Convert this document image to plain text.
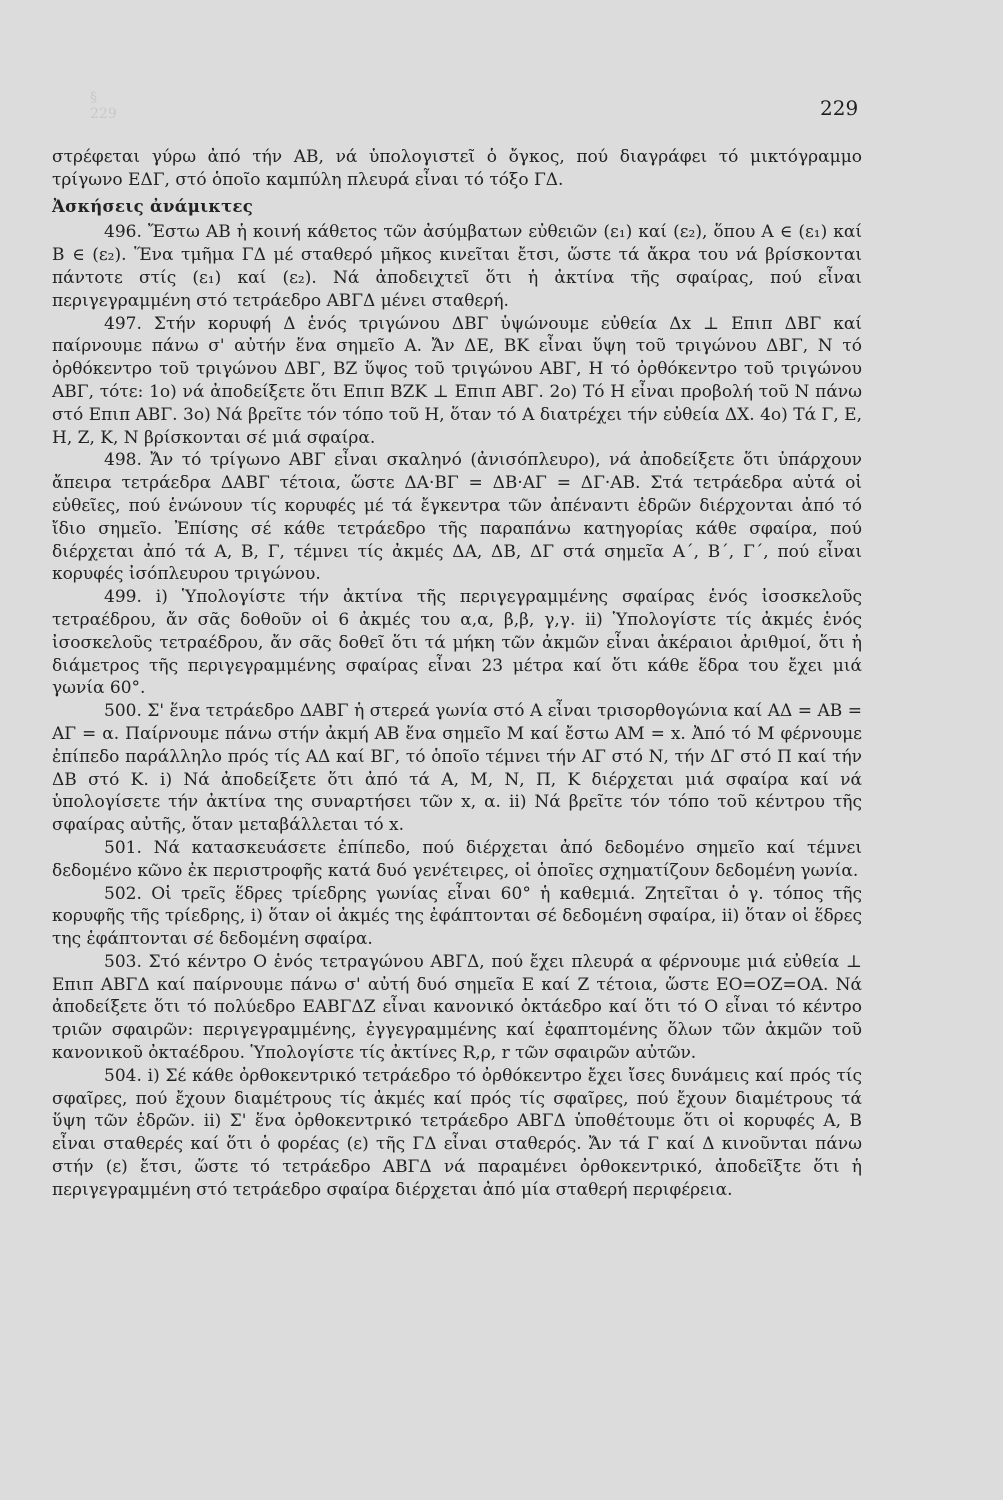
§ 229	229

στρέφεται γύρω ἀπό τήν ΑΒ, νά ὑπολογιστεῖ ὁ ὄγκος, πού διαγράφει τό μικτόγραμμο τρίγωνο ΕΔΓ, στό ὁποῖο καμπύλη πλευρά εἶναι τό τόξο ΓΔ.

Ἀσκήσεις ἀνάμικτες

496. Ἔστω ΑΒ ἡ κοινή κάθετος τῶν ἀσύμβατων εὐθειῶν (ε₁) καί (ε₂), ὅπου Α ∈ (ε₁) καί Β ∈ (ε₂). Ἕνα τμῆμα ΓΔ μέ σταθερό μῆκος κινεῖται ἔτσι, ὥστε τά ἄκρα του νά βρίσκονται πάντοτε στίς (ε₁) καί (ε₂). Νά ἀποδειχτεῖ ὅτι ἡ ἀκτίνα τῆς σφαίρας, πού εἶναι περιγεγραμμένη στό τετράεδρο ΑΒΓΔ μένει σταθερή.

497. Στήν κορυφή Δ ἑνός τριγώνου ΔΒΓ ὑψώνουμε εὐθεία Δx ⊥ Επιπ ΔΒΓ καί παίρνουμε πάνω σ' αὐτήν ἕνα σημεῖο Α. Ἄν ΔΕ, ΒΚ εἶναι ὕψη τοῦ τριγώνου ΔΒΓ, Ν τό ὀρθόκεντρο τοῦ τριγώνου ΔΒΓ, ΒΖ ὕψος τοῦ τριγώνου ΑΒΓ, Η τό ὀρθόκεντρο τοῦ τριγώνου ΑΒΓ, τότε: 1ο) νά ἀποδείξετε ὅτι Επιπ ΒΖΚ ⊥ Επιπ ΑΒΓ. 2ο) Τό Η εἶναι προβολή τοῦ Ν πάνω στό Επιπ ΑΒΓ. 3ο) Νά βρεῖτε τόν τόπο τοῦ Η, ὅταν τό Α διατρέχει τήν εὐθεία ΔΧ. 4ο) Τά Γ, Ε, Η, Ζ, Κ, Ν βρίσκονται σέ μιά σφαίρα.

498. Ἄν τό τρίγωνο ΑΒΓ εἶναι σκαληνό (ἀνισόπλευρο), νά ἀποδείξετε ὅτι ὑπάρχουν ἄπειρα τετράεδρα ΔΑΒΓ τέτοια, ὥστε ΔΑ·ΒΓ = ΔΒ·ΑΓ = ΔΓ·ΑΒ. Στά τετράεδρα αὐτά οἱ εὐθεῖες, πού ἑνώνουν τίς κορυφές μέ τά ἔγκεντρα τῶν ἀπέναντι ἑδρῶν διέρχονται ἀπό τό ἴδιο σημεῖο. Ἐπίσης σέ κάθε τετράεδρο τῆς παραπάνω κατηγορίας κάθε σφαίρα, πού διέρχεται ἀπό τά Α, Β, Γ, τέμνει τίς ἀκμές ΔΑ, ΔΒ, ΔΓ στά σημεῖα Α΄, Β΄, Γ΄, πού εἶναι κορυφές ἰσόπλευρου τριγώνου.

499. i) Ὑπολογίστε τήν ἀκτίνα τῆς περιγεγραμμένης σφαίρας ἑνός ἰσοσκελοῦς τετραέδρου, ἄν σᾶς δοθοῦν οἱ 6 ἀκμές του α,α, β,β, γ,γ. ii) Ὑπολογίστε τίς ἀκμές ἑνός ἰσοσκελοῦς τετραέδρου, ἄν σᾶς δοθεῖ ὅτι τά μήκη τῶν ἀκμῶν εἶναι ἀκέραιοι ἀριθμοί, ὅτι ἡ διάμετρος τῆς περιγεγραμμένης σφαίρας εἶναι 23 μέτρα καί ὅτι κάθε ἕδρα του ἔχει μιά γωνία 60°.

500. Σ' ἕνα τετράεδρο ΔΑΒΓ ἡ στερεά γωνία στό Α εἶναι τρισορθογώνια καί ΑΔ = ΑΒ = ΑΓ = α. Παίρνουμε πάνω στήν ἀκμή ΑΒ ἕνα σημεῖο Μ καί ἔστω ΑΜ = x. Ἀπό τό Μ φέρνουμε ἐπίπεδο παράλληλο πρός τίς ΑΔ καί ΒΓ, τό ὁποῖο τέμνει τήν ΑΓ στό Ν, τήν ΔΓ στό Π καί τήν ΔΒ στό Κ. i) Νά ἀποδείξετε ὅτι ἀπό τά Α, Μ, Ν, Π, Κ διέρχεται μιά σφαίρα καί νά ὑπολογίσετε τήν ἀκτίνα της συναρτήσει τῶν x, α. ii) Νά βρεῖτε τόν τόπο τοῦ κέντρου τῆς σφαίρας αὐτῆς, ὅταν μεταβάλλεται τό x.

501. Νά κατασκευάσετε ἐπίπεδο, πού διέρχεται ἀπό δεδομένο σημεῖο καί τέμνει δεδομένο κῶνο ἐκ περιστροφῆς κατά δυό γενέτειρες, οἱ ὁποῖες σχηματίζουν δεδομένη γωνία.

502. Οἱ τρεῖς ἕδρες τρίεδρης γωνίας εἶναι 60° ἡ καθεμιά. Ζητεῖται ὁ γ. τόπος τῆς κορυφῆς τῆς τρίεδρης, i) ὅταν οἱ ἀκμές της ἐφάπτονται σέ δεδομένη σφαίρα, ii) ὅταν οἱ ἕδρες της ἐφάπτονται σέ δεδομένη σφαίρα.

503. Στό κέντρο Ο ἑνός τετραγώνου ΑΒΓΔ, πού ἔχει πλευρά α φέρνουμε μιά εὐθεία ⊥ Επιπ ΑΒΓΔ καί παίρνουμε πάνω σ' αὐτή δυό σημεῖα Ε καί Ζ τέτοια, ὥστε ΕΟ=ΟΖ=ΟΑ. Νά ἀποδείξετε ὅτι τό πολύεδρο ΕΑΒΓΔΖ εἶναι κανονικό ὀκτάεδρο καί ὅτι τό Ο εἶναι τό κέντρο τριῶν σφαιρῶν: περιγεγραμμένης, ἐγγεγραμμένης καί ἐφαπτομένης ὅλων τῶν ἀκμῶν τοῦ κανονικοῦ ὀκταέδρου. Ὑπολογίστε τίς ἀκτίνες R,ρ, r τῶν σφαιρῶν αὐτῶν.

504. i) Σέ κάθε ὀρθοκεντρικό τετράεδρο τό ὀρθόκεντρο ἔχει ἴσες δυνάμεις καί πρός τίς σφαῖρες, πού ἔχουν διαμέτρους τίς ἀκμές καί πρός τίς σφαῖρες, πού ἔχουν διαμέτρους τά ὕψη τῶν ἑδρῶν. ii) Σ' ἕνα ὀρθοκεντρικό τετράεδρο ΑΒΓΔ ὑποθέτουμε ὅτι οἱ κορυφές Α, Β εἶναι σταθερές καί ὅτι ὁ φορέας (ε) τῆς ΓΔ εἶναι σταθερός. Ἄν τά Γ καί Δ κινοῦνται πάνω στήν (ε) ἔτσι, ὥστε τό τετράεδρο ΑΒΓΔ νά παραμένει ὀρθοκεντρικό, ἀποδεῖξτε ὅτι ἡ περιγεγραμμένη στό τετράεδρο σφαίρα διέρχεται ἀπό μία σταθερή περιφέρεια.
